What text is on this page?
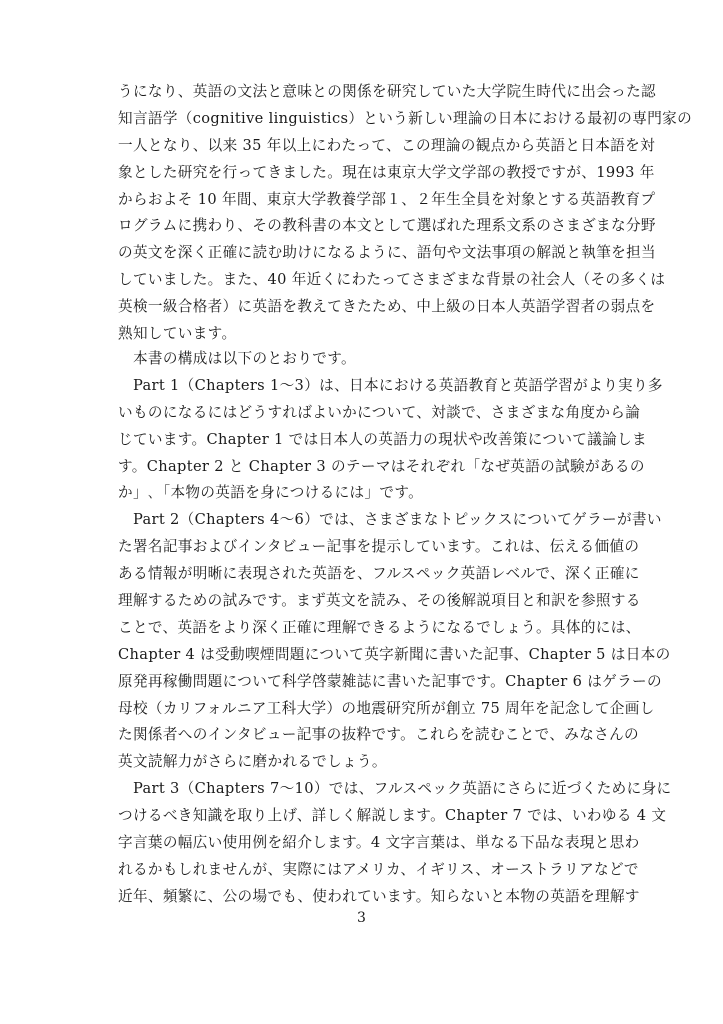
うになり、英語の文法と意味との関係を研究していた大学院生時代に出会った認
知言語学（cognitive linguistics）という新しい理論の日本における最初の専門家の
一人となり、以来 35 年以上にわたって、この理論の観点から英語と日本語を対
象とした研究を行ってきました。現在は東京大学文学部の教授ですが、1993 年
からおよそ 10 年間、東京大学教養学部１、２年生全員を対象とする英語教育プ
ログラムに携わり、その教科書の本文として選ばれた理系文系のさまざまな分野
の英文を深く正確に読む助けになるように、語句や文法事項の解説と執筆を担当
していました。また、40 年近くにわたってさまざまな背景の社会人（その多くは
英検一級合格者）に英語を教えてきたため、中上級の日本人英語学習者の弱点を
熟知しています。
　本書の構成は以下のとおりです。
　Part 1（Chapters 1〜3）は、日本における英語教育と英語学習がより実り多
いものになるにはどうすればよいかについて、対談で、さまざまな角度から論
じています。Chapter 1 では日本人の英語力の現状や改善策について議論しま
す。Chapter 2 と Chapter 3 のテーマはそれぞれ「なぜ英語の試験があるの
か」､「本物の英語を身につけるには」です。
　Part 2（Chapters 4〜6）では、さまざまなトピックスについてゲラーが書い
た署名記事およびインタビュー記事を提示しています。これは、伝える価値の
ある情報が明晰に表現された英語を、フルスペック英語レベルで、深く正確に
理解するための試みです。まず英文を読み、その後解説項目と和訳を参照する
ことで、英語をより深く正確に理解できるようになるでしょう。具体的には、
Chapter 4 は受動喫煙問題について英字新聞に書いた記事、Chapter 5 は日本の
原発再稼働問題について科学啓蒙雑誌に書いた記事です。Chapter 6 はゲラーの
母校（カリフォルニア工科大学）の地震研究所が創立 75 周年を記念して企画し
た関係者へのインタビュー記事の抜粋です。これらを読むことで、みなさんの
英文読解力がさらに磨かれるでしょう。
　Part 3（Chapters 7〜10）では、フルスペック英語にさらに近づくために身に
つけるべき知識を取り上げ、詳しく解説します。Chapter 7 では、いわゆる 4 文
字言葉の幅広い使用例を紹介します。4 文字言葉は、単なる下品な表現と思わ
れるかもしれませんが、実際にはアメリカ、イギリス、オーストラリアなどで
近年、頻繁に、公の場でも、使われています。知らないと本物の英語を理解す
3
